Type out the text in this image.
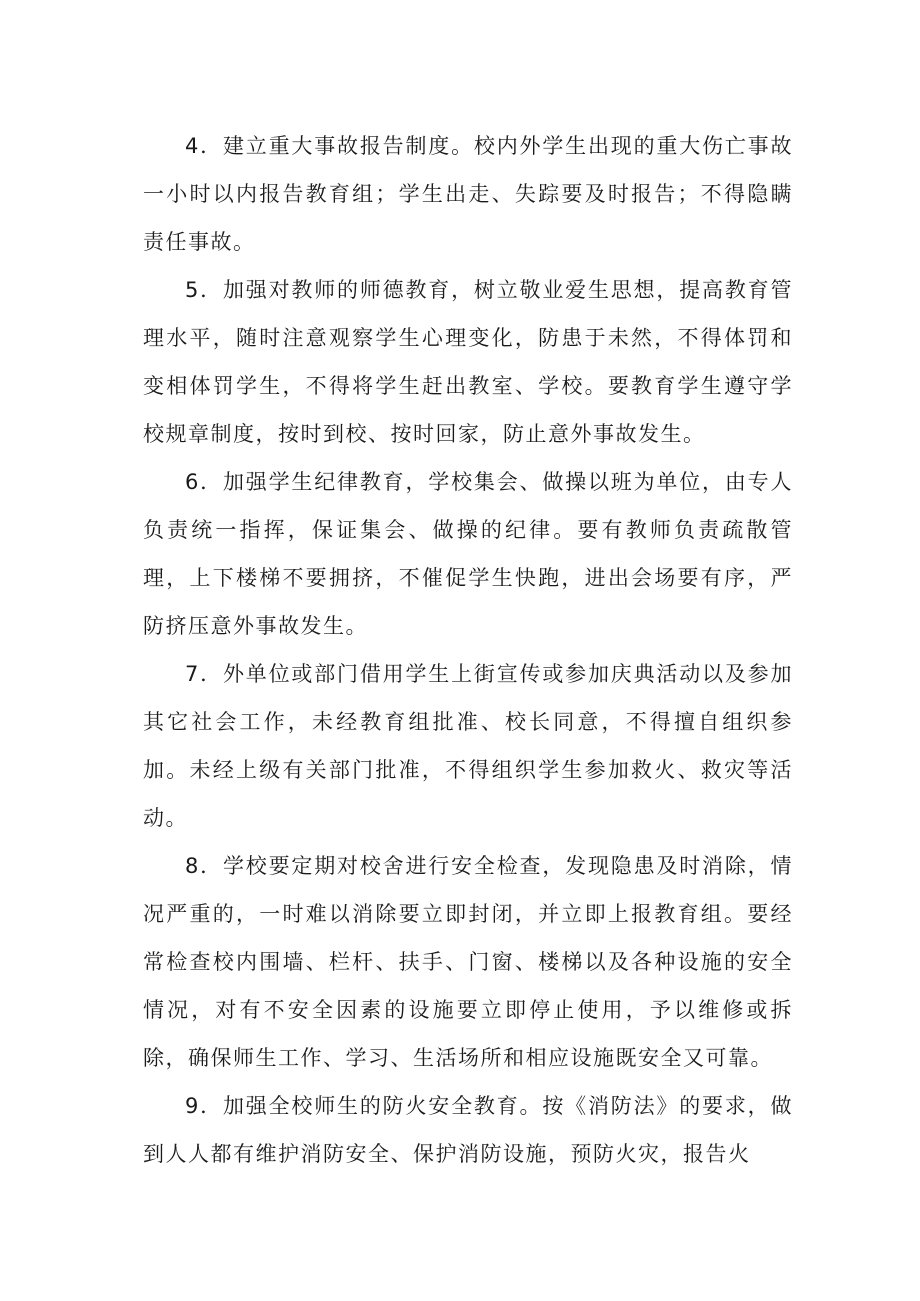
4．建立重大事故报告制度。校内外学生出现的重大伤亡事故一小时以内报告教育组；学生出走、失踪要及时报告；不得隐瞒责任事故。

5．加强对教师的师德教育，树立敬业爱生思想，提高教育管理水平，随时注意观察学生心理变化，防患于未然，不得体罚和变相体罚学生，不得将学生赶出教室、学校。要教育学生遵守学校规章制度，按时到校、按时回家，防止意外事故发生。

6．加强学生纪律教育，学校集会、做操以班为单位，由专人负责统一指挥，保证集会、做操的纪律。要有教师负责疏散管理，上下楼梯不要拥挤，不催促学生快跑，进出会场要有序，严防挤压意外事故发生。

7．外单位或部门借用学生上街宣传或参加庆典活动以及参加其它社会工作，未经教育组批准、校长同意，不得擅自组织参加。未经上级有关部门批准，不得组织学生参加救火、救灾等活动。

8．学校要定期对校舍进行安全检查，发现隐患及时消除，情况严重的，一时难以消除要立即封闭，并立即上报教育组。要经常检查校内围墙、栏杆、扶手、门窗、楼梯以及各种设施的安全情况，对有不安全因素的设施要立即停止使用，予以维修或拆除，确保师生工作、学习、生活场所和相应设施既安全又可靠。

9．加强全校师生的防火安全教育。按《消防法》的要求，做到人人都有维护消防安全、保护消防设施，预防火灾，报告火
